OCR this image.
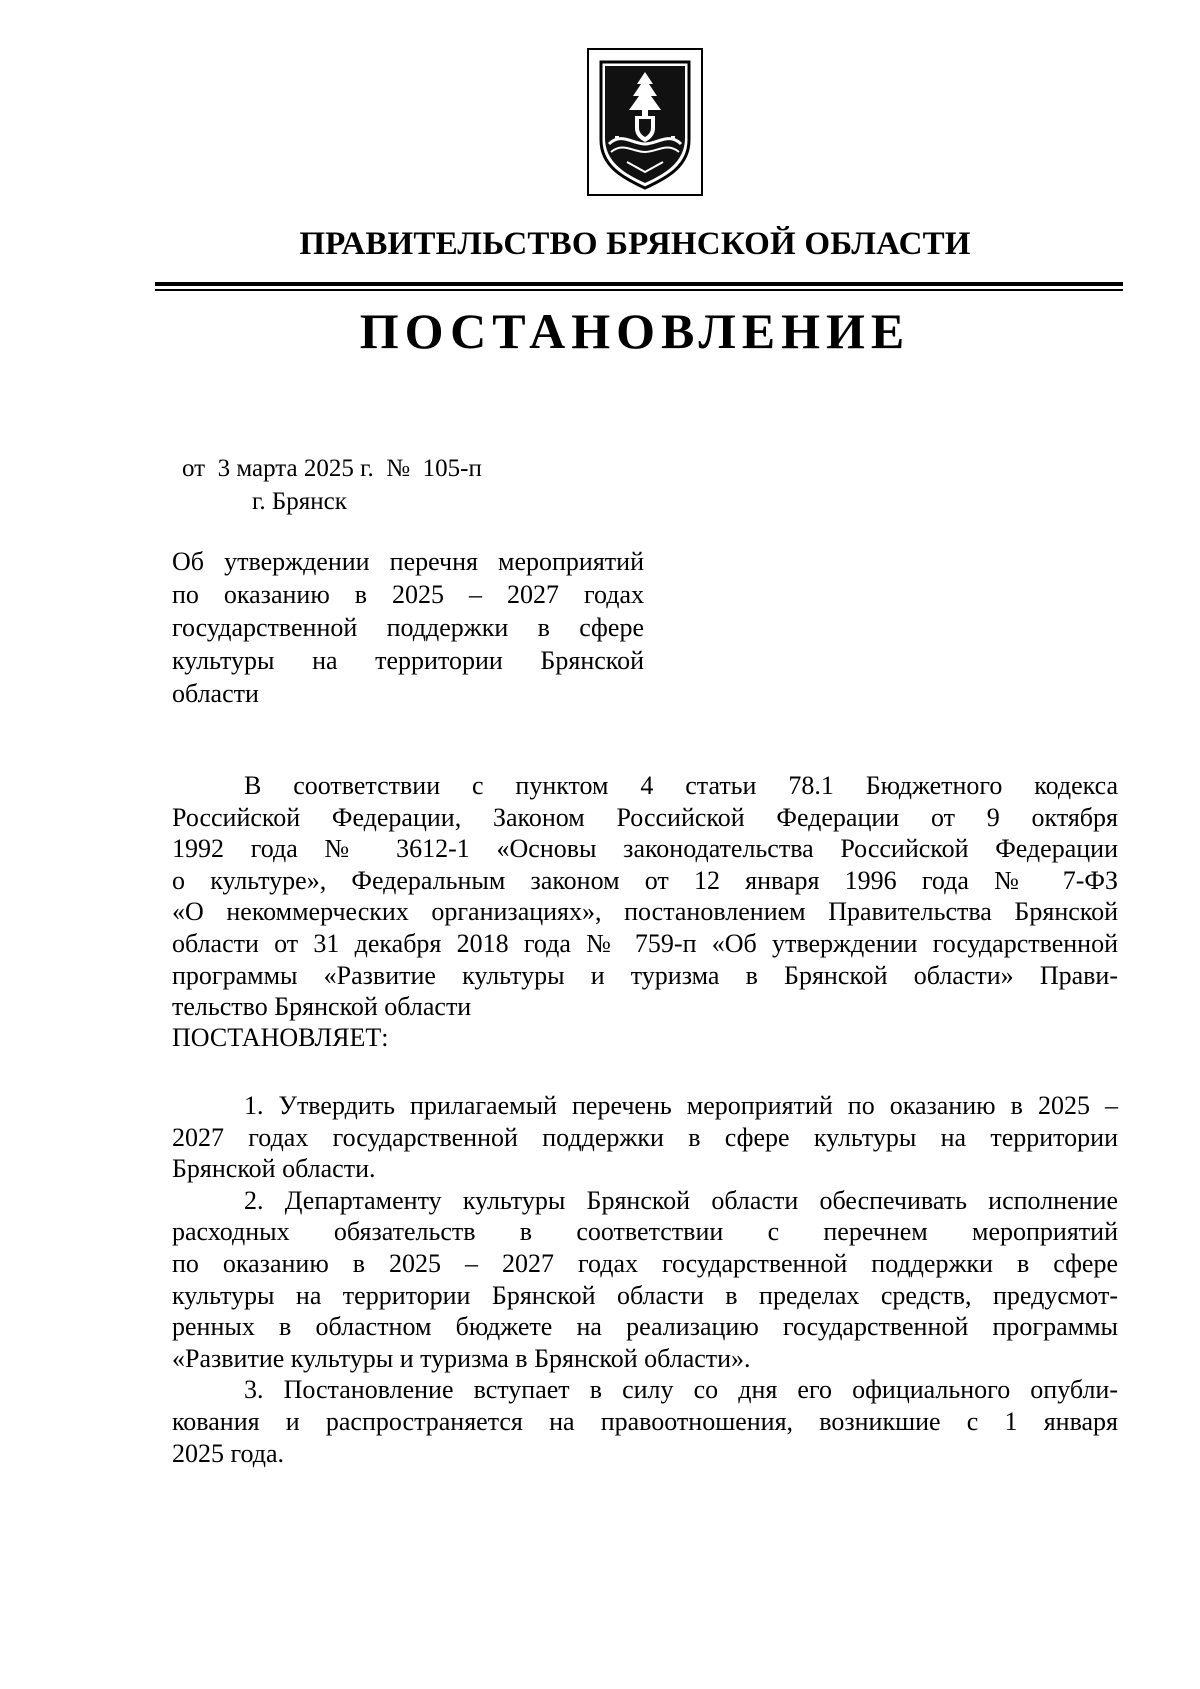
ПРАВИТЕЛЬСТВО БРЯНСКОЙ ОБЛАСТИ
ПОСТАНОВЛЕНИЕ
от  3 марта 2025 г.  №  105-п
г. Брянск
Об утверждении перечня мероприятий
по оказанию в 2025 – 2027 годах
государственной поддержки в сфере
культуры на территории Брянской
области
В соответствии с пунктом 4 статьи 78.1 Бюджетного кодекса
Российской Федерации, Законом Российской Федерации от 9 октября
1992 года № 3612-1 «Основы законодательства Российской Федерации
о культуре», Федеральным законом от 12 января 1996 года № 7-ФЗ
«О некоммерческих организациях», постановлением Правительства Брянской
области от 31 декабря 2018 года № 759-п «Об утверждении государственной
программы «Развитие культуры и туризма в Брянской области» Прави-
тельство Брянской области
ПОСТАНОВЛЯЕТ:

1. Утвердить прилагаемый перечень мероприятий по оказанию в 2025 –
2027 годах государственной поддержки в сфере культуры на территории
Брянской области.

2. Департаменту культуры Брянской области обеспечивать исполнение
расходных обязательств в соответствии с перечнем мероприятий
по оказанию в 2025 – 2027 годах государственной поддержки в сфере
культуры на территории Брянской области в пределах средств, предусмот-
ренных в областном бюджете на реализацию государственной программы
«Развитие культуры и туризма в Брянской области».

3. Постановление вступает в силу со дня его официального опубли-
кования и распространяется на правоотношения, возникшие с 1 января
2025 года.
